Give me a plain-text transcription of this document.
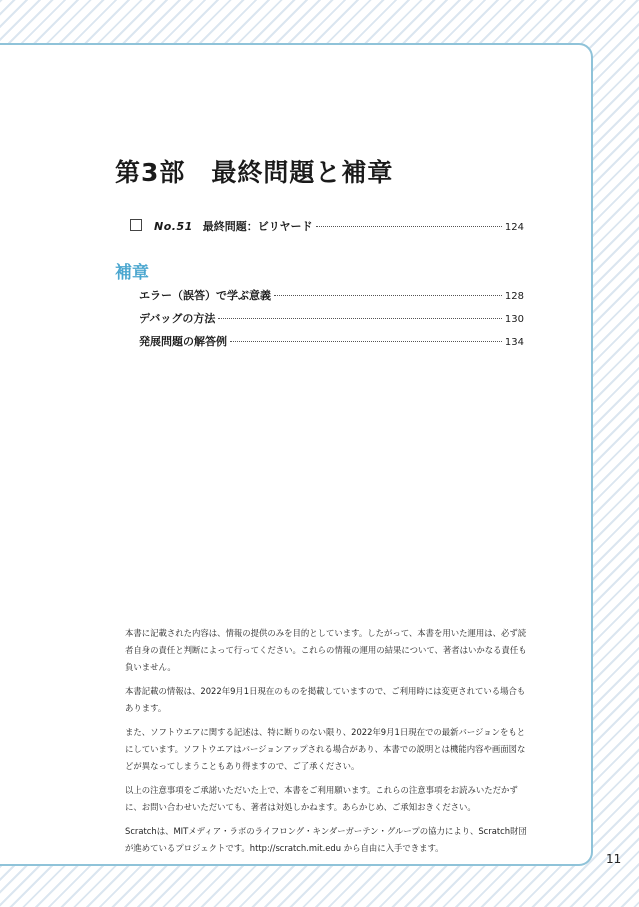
第3部　最終問題と補章
No.51 最終問題：ビリヤード	124
補章
エラー（誤答）で学ぶ意義	128
デバッグの方法	130
発展問題の解答例	134

本書に記載された内容は、情報の提供のみを目的としています。したがって、本書を用いた運用は、必ず読者自身の責任と判断によって行ってください。これらの情報の運用の結果について、著者はいかなる責任も負いません。

本書記載の情報は、2022年9月1日現在のものを掲載していますので、ご利用時には変更されている場合もあります。

また、ソフトウエアに関する記述は、特に断りのない限り、2022年9月1日現在での最新バージョンをもとにしています。ソフトウエアはバージョンアップされる場合があり、本書での説明とは機能内容や画面図などが異なってしまうこともあり得ますので、ご了承ください。

以上の注意事項をご承諾いただいた上で、本書をご利用願います。これらの注意事項をお読みいただかずに、お問い合わせいただいても、著者は対処しかねます。あらかじめ、ご承知おきください。

Scratchは、MITメディア・ラボのライフロング・キンダーガーテン・グループの協力により、Scratch財団が進めているプロジェクトです。http://scratch.mit.edu から自由に入手できます。

11
